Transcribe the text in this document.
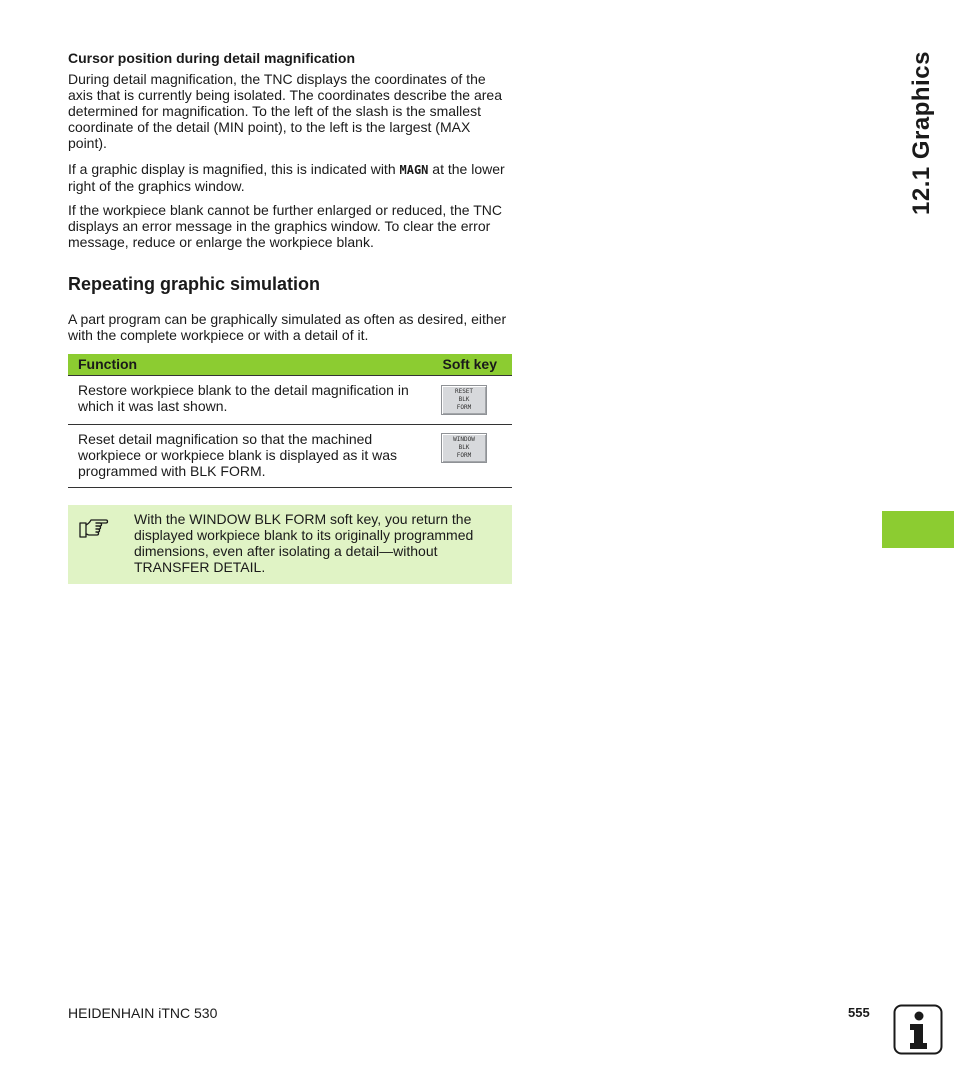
Cursor position during detail magnification
During detail magnification, the TNC displays the coordinates of the axis that is currently being isolated. The coordinates describe the area determined for magnification. To the left of the slash is the smallest coordinate of the detail (MIN point), to the left is the largest (MAX point).
If a graphic display is magnified, this is indicated with MAGN at the lower right of the graphics window.
If the workpiece blank cannot be further enlarged or reduced, the TNC displays an error message in the graphics window. To clear the error message, reduce or enlarge the workpiece blank.
Repeating graphic simulation
A part program can be graphically simulated as often as desired, either with the complete workpiece or with a detail of it.
Function	Soft key
Restore workpiece blank to the detail magnification in which it was last shown.
RESET
BLK
FORM
Reset detail magnification so that the machined workpiece or workpiece blank is displayed as it was programmed with BLK FORM.
WINDOW
BLK
FORM
With the WINDOW BLK FORM soft key, you return the displayed workpiece blank to its originally programmed dimensions, even after isolating a detail—without TRANSFER DETAIL.
12.1 Graphics
HEIDENHAIN iTNC 530	555
